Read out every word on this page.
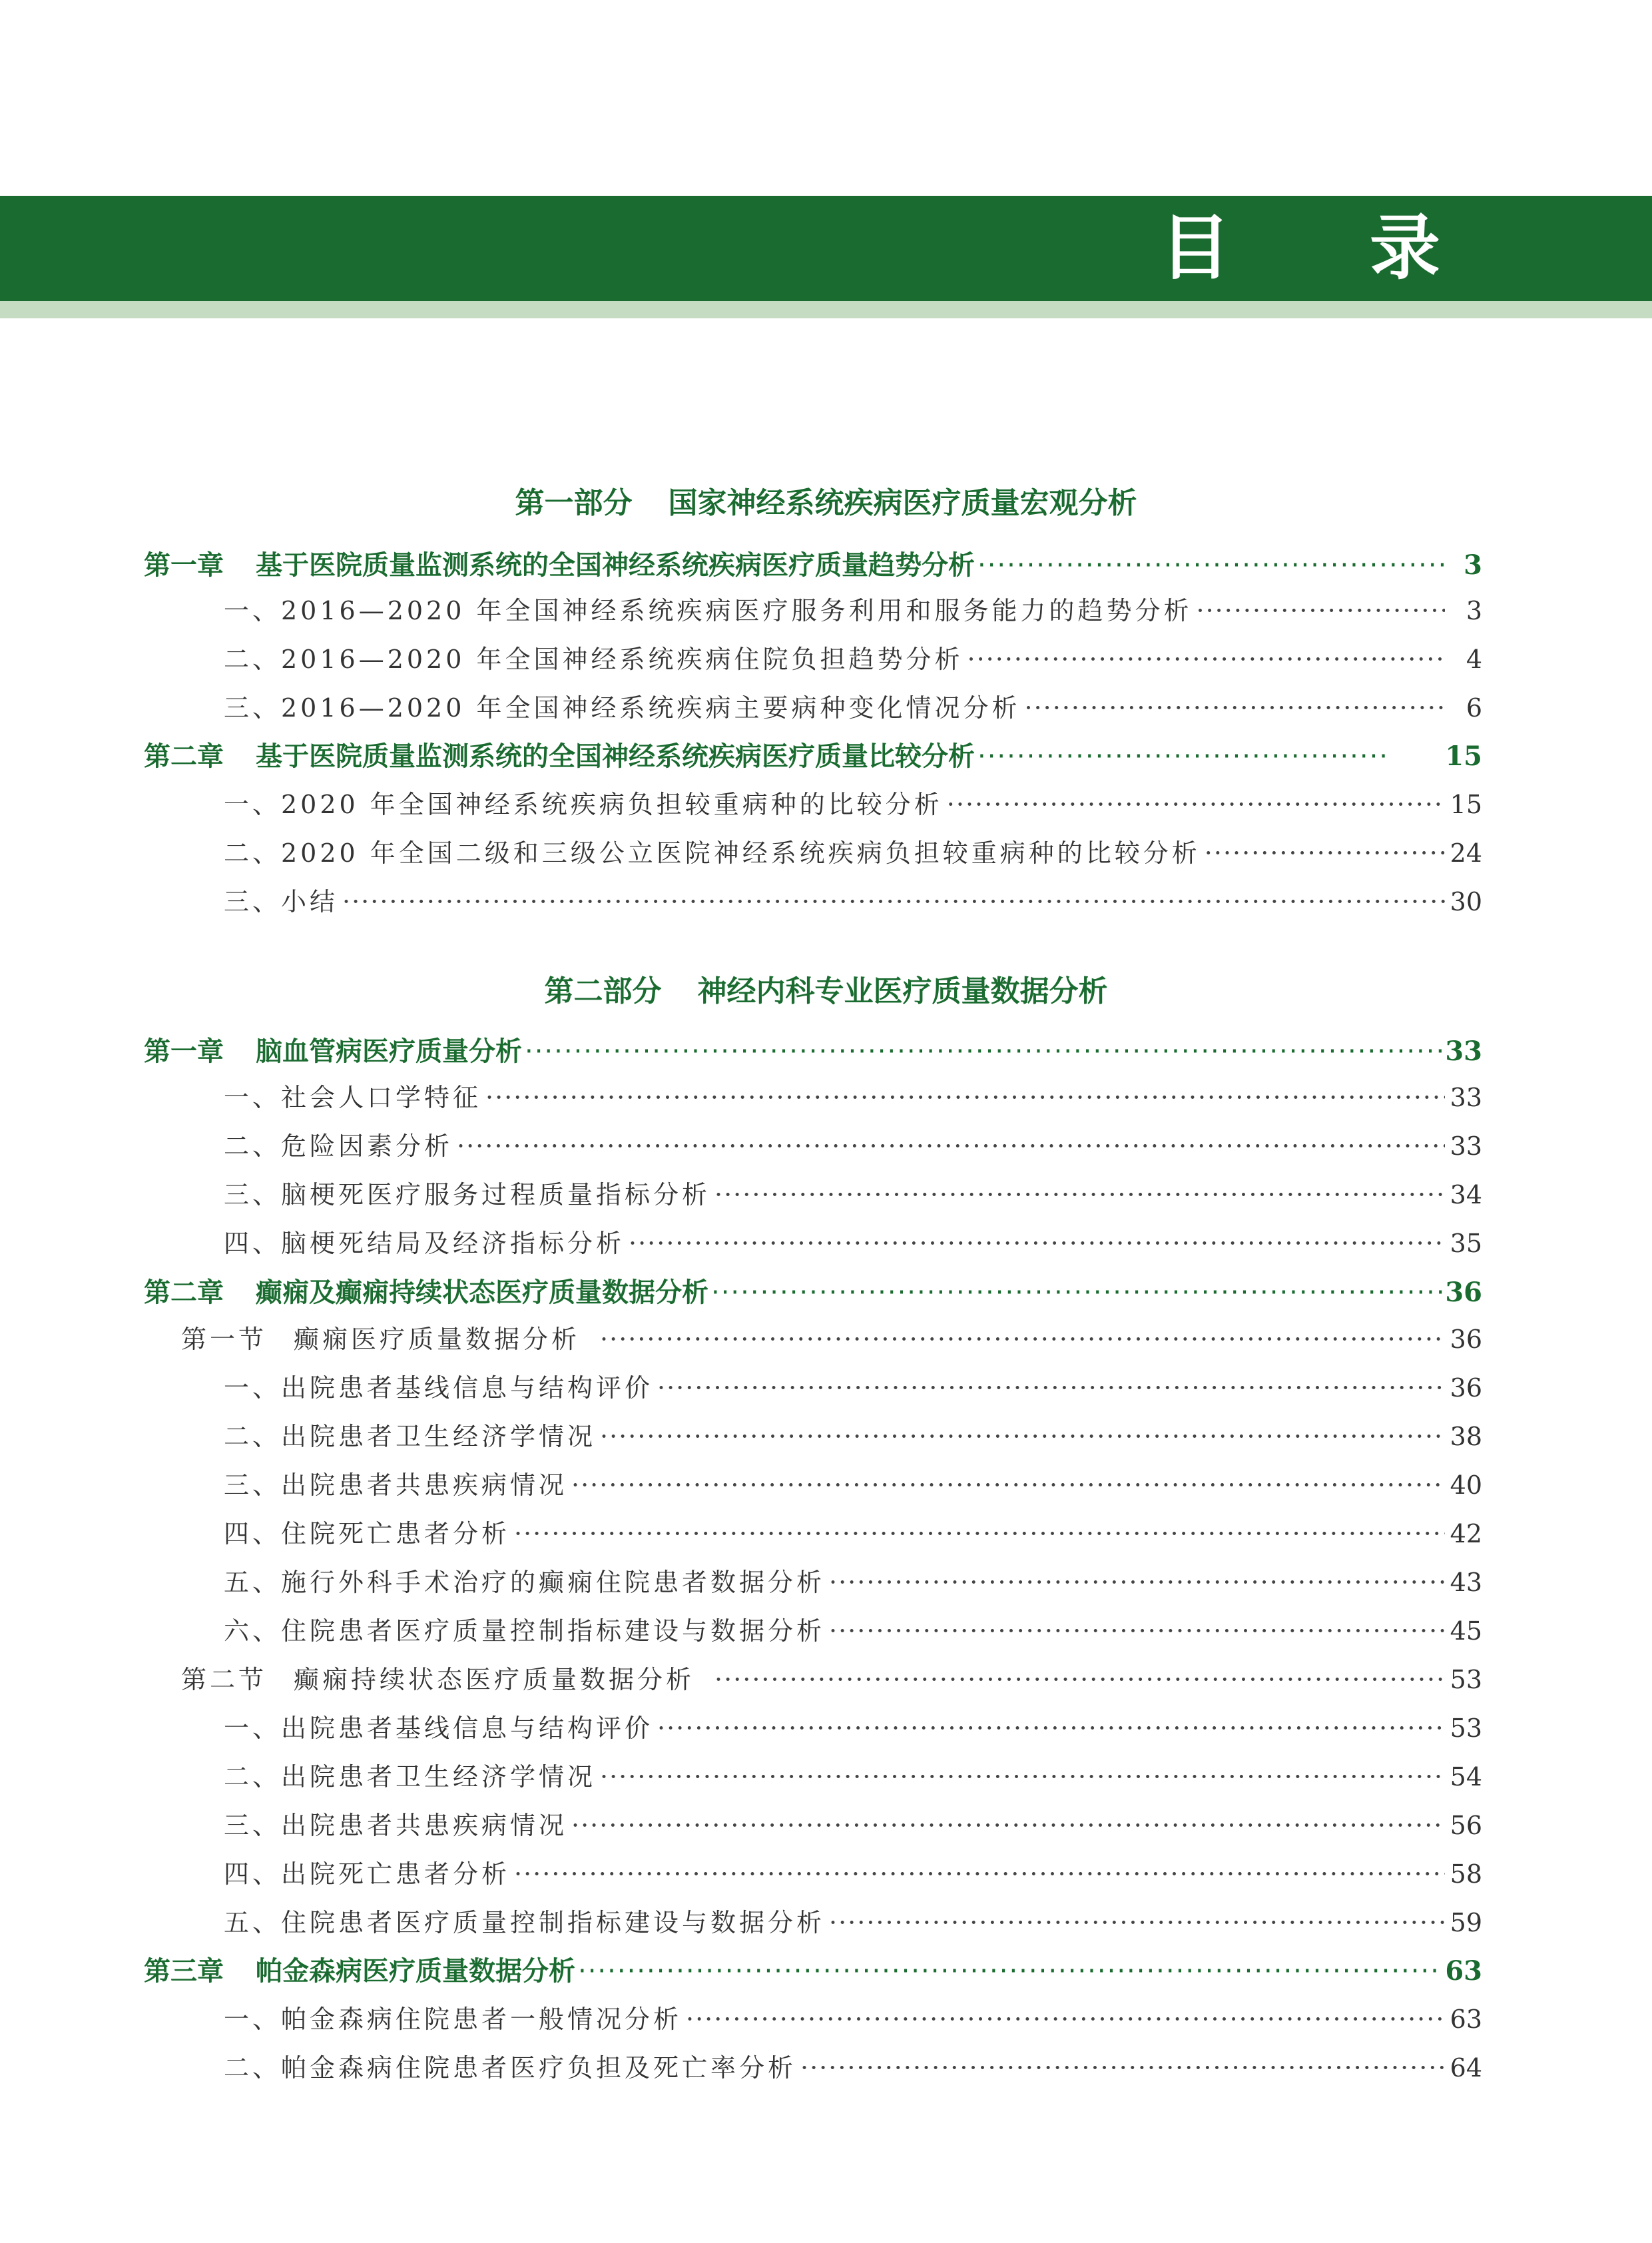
目 录
第一部分 国家神经系统疾病医疗质量宏观分析
第一章 基于医院质量监测系统的全国神经系统疾病医疗质量趋势分析 ·····	3
一、2016—2020 年全国神经系统疾病医疗服务利用和服务能力的趋势分析 ·····	3
二、2016—2020 年全国神经系统疾病住院负担趋势分析 ·····	4
三、2016—2020 年全国神经系统疾病主要病种变化情况分析 ·····	6
第二章 基于医院质量监测系统的全国神经系统疾病医疗质量比较分析 ·····	15
一、2020 年全国神经系统疾病负担较重病种的比较分析 ·····	15
二、2020 年全国二级和三级公立医院神经系统疾病负担较重病种的比较分析 ·····	24
三、小结 ·····	30
第二部分 神经内科专业医疗质量数据分析
第一章 脑血管病医疗质量分析 ·····	33
一、社会人口学特征 ·····	33
二、危险因素分析 ·····	33
三、脑梗死医疗服务过程质量指标分析 ·····	34
四、脑梗死结局及经济指标分析 ·····	35
第二章 癫痫及癫痫持续状态医疗质量数据分析 ·····	36
第一节 癫痫医疗质量数据分析 ·····	36
一、出院患者基线信息与结构评价 ·····	36
二、出院患者卫生经济学情况 ·····	38
三、出院患者共患疾病情况 ·····	40
四、住院死亡患者分析 ·····	42
五、施行外科手术治疗的癫痫住院患者数据分析 ·····	43
六、住院患者医疗质量控制指标建设与数据分析 ·····	45
第二节 癫痫持续状态医疗质量数据分析 ·····	53
一、出院患者基线信息与结构评价 ·····	53
二、出院患者卫生经济学情况 ·····	54
三、出院患者共患疾病情况 ·····	56
四、出院死亡患者分析 ·····	58
五、住院患者医疗质量控制指标建设与数据分析 ·····	59
第三章 帕金森病医疗质量数据分析 ·····	63
一、帕金森病住院患者一般情况分析 ·····	63
二、帕金森病住院患者医疗负担及死亡率分析 ·····	64
